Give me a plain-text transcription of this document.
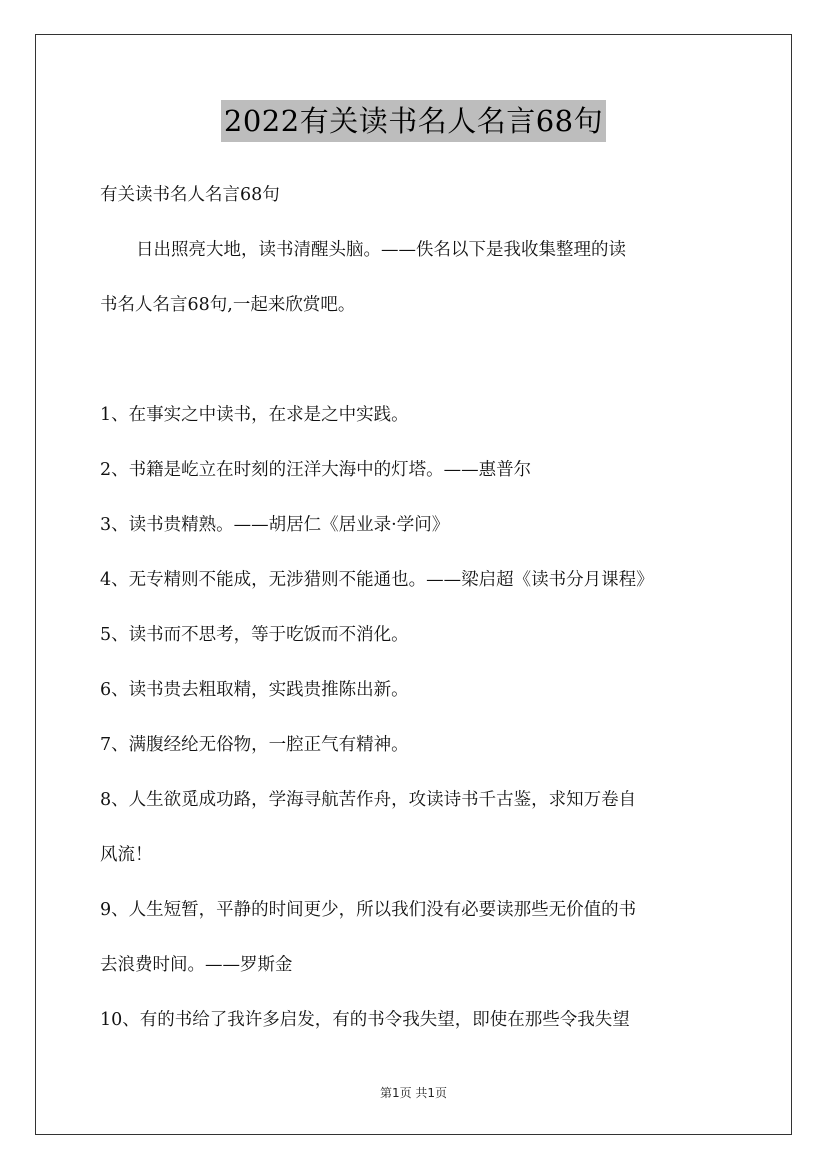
2022有关读书名人名言68句
有关读书名人名言68句
日出照亮大地，读书清醒头脑。——佚名以下是我收集整理的读
书名人名言68句,一起来欣赏吧。
1、在事实之中读书，在求是之中实践。
2、书籍是屹立在时刻的汪洋大海中的灯塔。——惠普尔
3、读书贵精熟。——胡居仁《居业录·学问》
4、无专精则不能成，无涉猎则不能通也。——梁启超《读书分月课程》
5、读书而不思考，等于吃饭而不消化。
6、读书贵去粗取精，实践贵推陈出新。
7、满腹经纶无俗物，一腔正气有精神。
8、人生欲觅成功路，学海寻航苦作舟，攻读诗书千古鉴，求知万卷自
风流！
9、人生短暂，平静的时间更少，所以我们没有必要读那些无价值的书
去浪费时间。——罗斯金
10、有的书给了我许多启发，有的书令我失望，即使在那些令我失望
第1页 共1页
